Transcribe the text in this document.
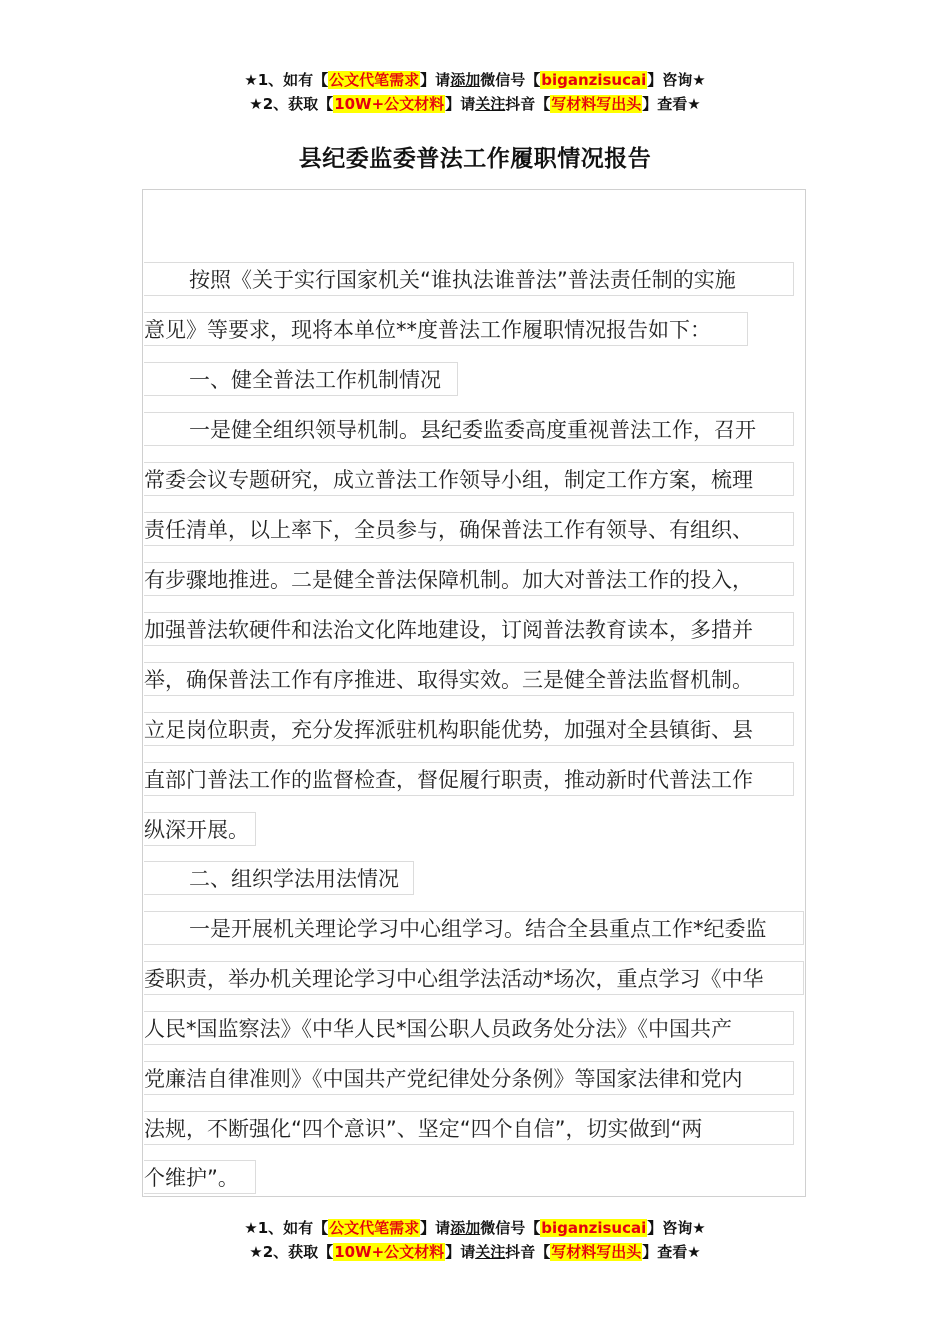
★1、如有【公文代笔需求】请添加微信号【biganzisucai】咨询★
★2、获取【10W+公文材料】请关注抖音【写材料写出头】查看★
县纪委监委普法工作履职情况报告
按照《关于实行国家机关“谁执法谁普法”普法责任制的实施
意见》等要求，现将本单位**度普法工作履职情况报告如下：
一、健全普法工作机制情况
一是健全组织领导机制。县纪委监委高度重视普法工作，召开
常委会议专题研究，成立普法工作领导小组，制定工作方案，梳理
责任清单，以上率下，全员参与，确保普法工作有领导、有组织、
有步骤地推进。二是健全普法保障机制。加大对普法工作的投入，
加强普法软硬件和法治文化阵地建设，订阅普法教育读本，多措并
举，确保普法工作有序推进、取得实效。三是健全普法监督机制。
立足岗位职责，充分发挥派驻机构职能优势，加强对全县镇街、县
直部门普法工作的监督检查，督促履行职责，推动新时代普法工作
纵深开展。
二、组织学法用法情况
一是开展机关理论学习中心组学习。结合全县重点工作*纪委监
委职责，举办机关理论学习中心组学法活动*场次，重点学习《中华
人民*国监察法》《中华人民*国公职人员政务处分法》《中国共产
党廉洁自律准则》《中国共产党纪律处分条例》等国家法律和党内
法规，不断强化“四个意识”、坚定“四个自信”，切实做到“两
个维护”。
★1、如有【公文代笔需求】请添加微信号【biganzisucai】咨询★
★2、获取【10W+公文材料】请关注抖音【写材料写出头】查看★
